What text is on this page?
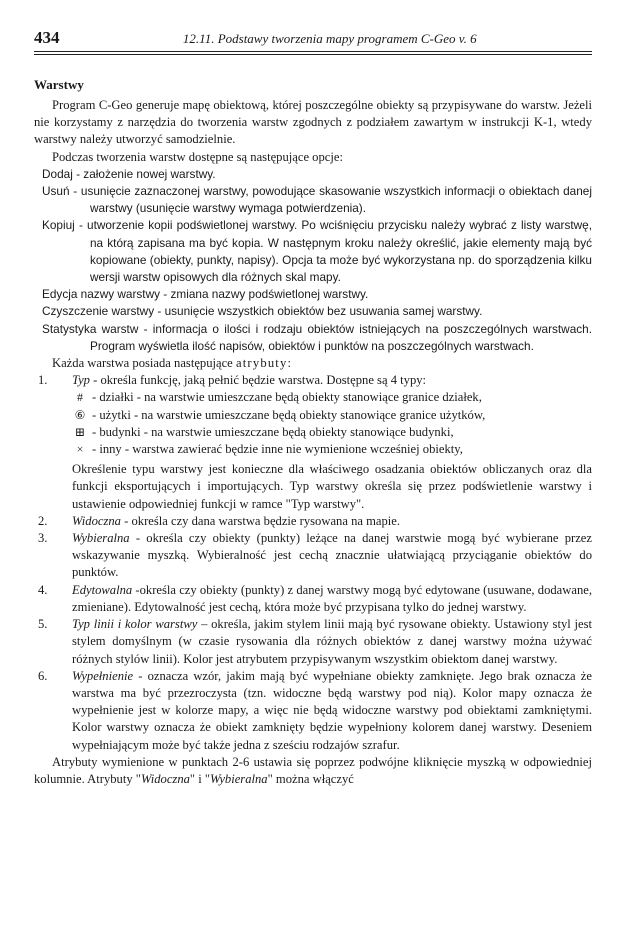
434	12.11. Podstawy tworzenia mapy programem C-Geo v. 6
Warstwy

Program C-Geo generuje mapę obiektową, której poszczególne obiekty są przypisywane do warstw. Jeżeli nie korzystamy z narzędzia do tworzenia warstw zgodnych z podziałem zawartym w instrukcji K-1, wtedy warstwy należy utworzyć samodzielnie.

Podczas tworzenia warstw dostępne są następujące opcje:

Dodaj - założenie nowej warstwy.

Usuń - usunięcie zaznaczonej warstwy, powodujące skasowanie wszystkich informacji o obiektach danej warstwy (usunięcie warstwy wymaga potwierdzenia).

Kopiuj - utworzenie kopii podświetlonej warstwy. Po wciśnięciu przycisku należy wybrać z listy warstwę, na którą zapisana ma być kopia. W następnym kroku należy określić, jakie elementy mają być kopiowane (obiekty, punkty, napisy). Opcja ta może być wykorzystana np. do sporządzenia kilku wersji warstw opisowych dla różnych skal mapy.

Edycja nazwy warstwy - zmiana nazwy podświetlonej warstwy.

Czyszczenie warstwy - usunięcie wszystkich obiektów bez usuwania samej warstwy.

Statystyka warstw - informacja o ilości i rodzaju obiektów istniejących na poszczególnych warstwach. Program wyświetla ilość napisów, obiektów i punktów na poszczególnych warstwach.

Każda warstwa posiada następujące atrybuty:

1.	Typ - określa funkcję, jaką pełnić będzie warstwa. Dostępne są 4 typy:
# - działki - na warstwie umieszczane będą obiekty stanowiące granice działek,
⑥ - użytki - na warstwie umieszczane będą obiekty stanowiące granice użytków,
⊞ - budynki - na warstwie umieszczane będą obiekty stanowiące budynki,
× - inny - warstwa zawierać będzie inne nie wymienione wcześniej obiekty,

Określenie typu warstwy jest konieczne dla właściwego osadzania obiektów obliczanych oraz dla funkcji eksportujących i importujących. Typ warstwy określa się przez podświetlenie warstwy i ustawienie odpowiedniej funkcji w ramce "Typ warstwy".

2.	Widoczna - określa czy dana warstwa będzie rysowana na mapie.
3.	Wybieralna - określa czy obiekty (punkty) leżące na danej warstwie mogą być wybierane przez wskazywanie myszką. Wybieralność jest cechą znacznie ułatwiającą przyciąganie obiektów do punktów.
4.	Edytowalna -określa czy obiekty (punkty) z danej warstwy mogą być edytowane (usuwane, dodawane, zmieniane). Edytowalność jest cechą, która może być przypisana tylko do jednej warstwy.
5.	Typ linii i kolor warstwy – określa, jakim stylem linii mają być rysowane obiekty. Ustawiony styl jest stylem domyślnym (w czasie rysowania dla różnych obiektów z danej warstwy można używać różnych stylów linii). Kolor jest atrybutem przypisywanym wszystkim obiektom danej warstwy.
6.	Wypełnienie - oznacza wzór, jakim mają być wypełniane obiekty zamknięte. Jego brak oznacza że warstwa ma być przezroczysta (tzn. widoczne będą warstwy pod nią). Kolor mapy oznacza że wypełnienie jest w kolorze mapy, a więc nie będą widoczne warstwy pod obiektami zamkniętymi. Kolor warstwy oznacza że obiekt zamknięty będzie wypełniony kolorem danej warstwy. Deseniem wypełniającym może być także jedna z sześciu rodzajów szrafur.

Atrybuty wymienione w punktach 2-6 ustawia się poprzez podwójne kliknięcie myszką w odpowiedniej kolumnie. Atrybuty "Widoczna" i "Wybieralna" można włączyć
